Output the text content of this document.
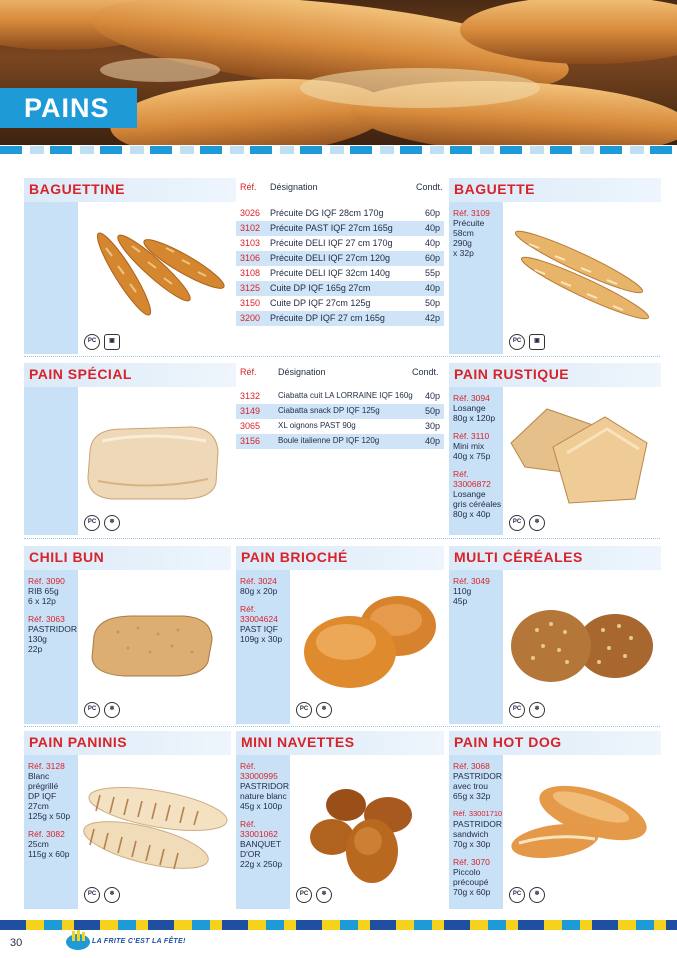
PAINS
BAGUETTINE
PC	▣
Réf. Désignation	Condt.
3026 Précuite DG IQF 28cm 170g	60p
3102 Précuite PAST IQF 27cm 165g	40p
3103 Précuite DELI IQF 27 cm 170g	40p
3106 Précuite DELI IQF 27cm 120g	60p
3108 Précuite DELI IQF 32cm 140g	55p
3125 Cuite DP IQF 165g 27cm	40p
3150 Cuite DP IQF 27cm 125g	50p
3200 Précuite DP IQF 27 cm 165g	42p
BAGUETTE
Réf. 3109
Précuite
58cm
290g
x 32p
PC	▣
PAIN SPÉCIAL
PC	❄
Réf. Désignation	Condt.
3132 Ciabatta cuit LA LORRAINE IQF 160g 40p
3149 Ciabatta snack DP IQF 125g	50p
3065 XL oignons PAST 90g	30p
3156 Boule italienne DP IQF 120g	40p
PAIN RUSTIQUE
Réf. 3094
Losange
80g x 120p
Réf. 3110
Mini mix
40g x 75p
Réf.
33006872
Losange
gris céréales
80g x 40p
PC	❄
CHILI BUN
Réf. 3090
RIB 65g
6 x 12p
Réf. 3063
PASTRIDOR
130g
22p
PC	❄
PAIN BRIOCHÉ
Réf. 3024
80g x 20p
Réf.
33004624
PAST IQF
109g x 30p
PC	❄
MULTI CÉRÉALES
Réf. 3049
110g
45p
PC	❄
PAIN PANINIS
Réf. 3128
Blanc
prégrillé
DP IQF
27cm
125g x 50p
Réf. 3082
25cm
115g x 60p
PC	❄
MINI NAVETTES
Réf.
33000995
PASTRIDOR
nature blanc
45g x 100p
Réf.
33001062
BANQUET
D'OR
22g x 250p
PC	❄
PAIN HOT DOG
Réf. 3068
PASTRIDOR
avec trou
65g x 32p
Réf. 33001710
PASTRIDOR
sandwich
70g x 30p
Réf. 3070
Piccolo
précoupé
70g x 60p	PC	❄
30	LA FRITE C'EST LA FÊTE!
